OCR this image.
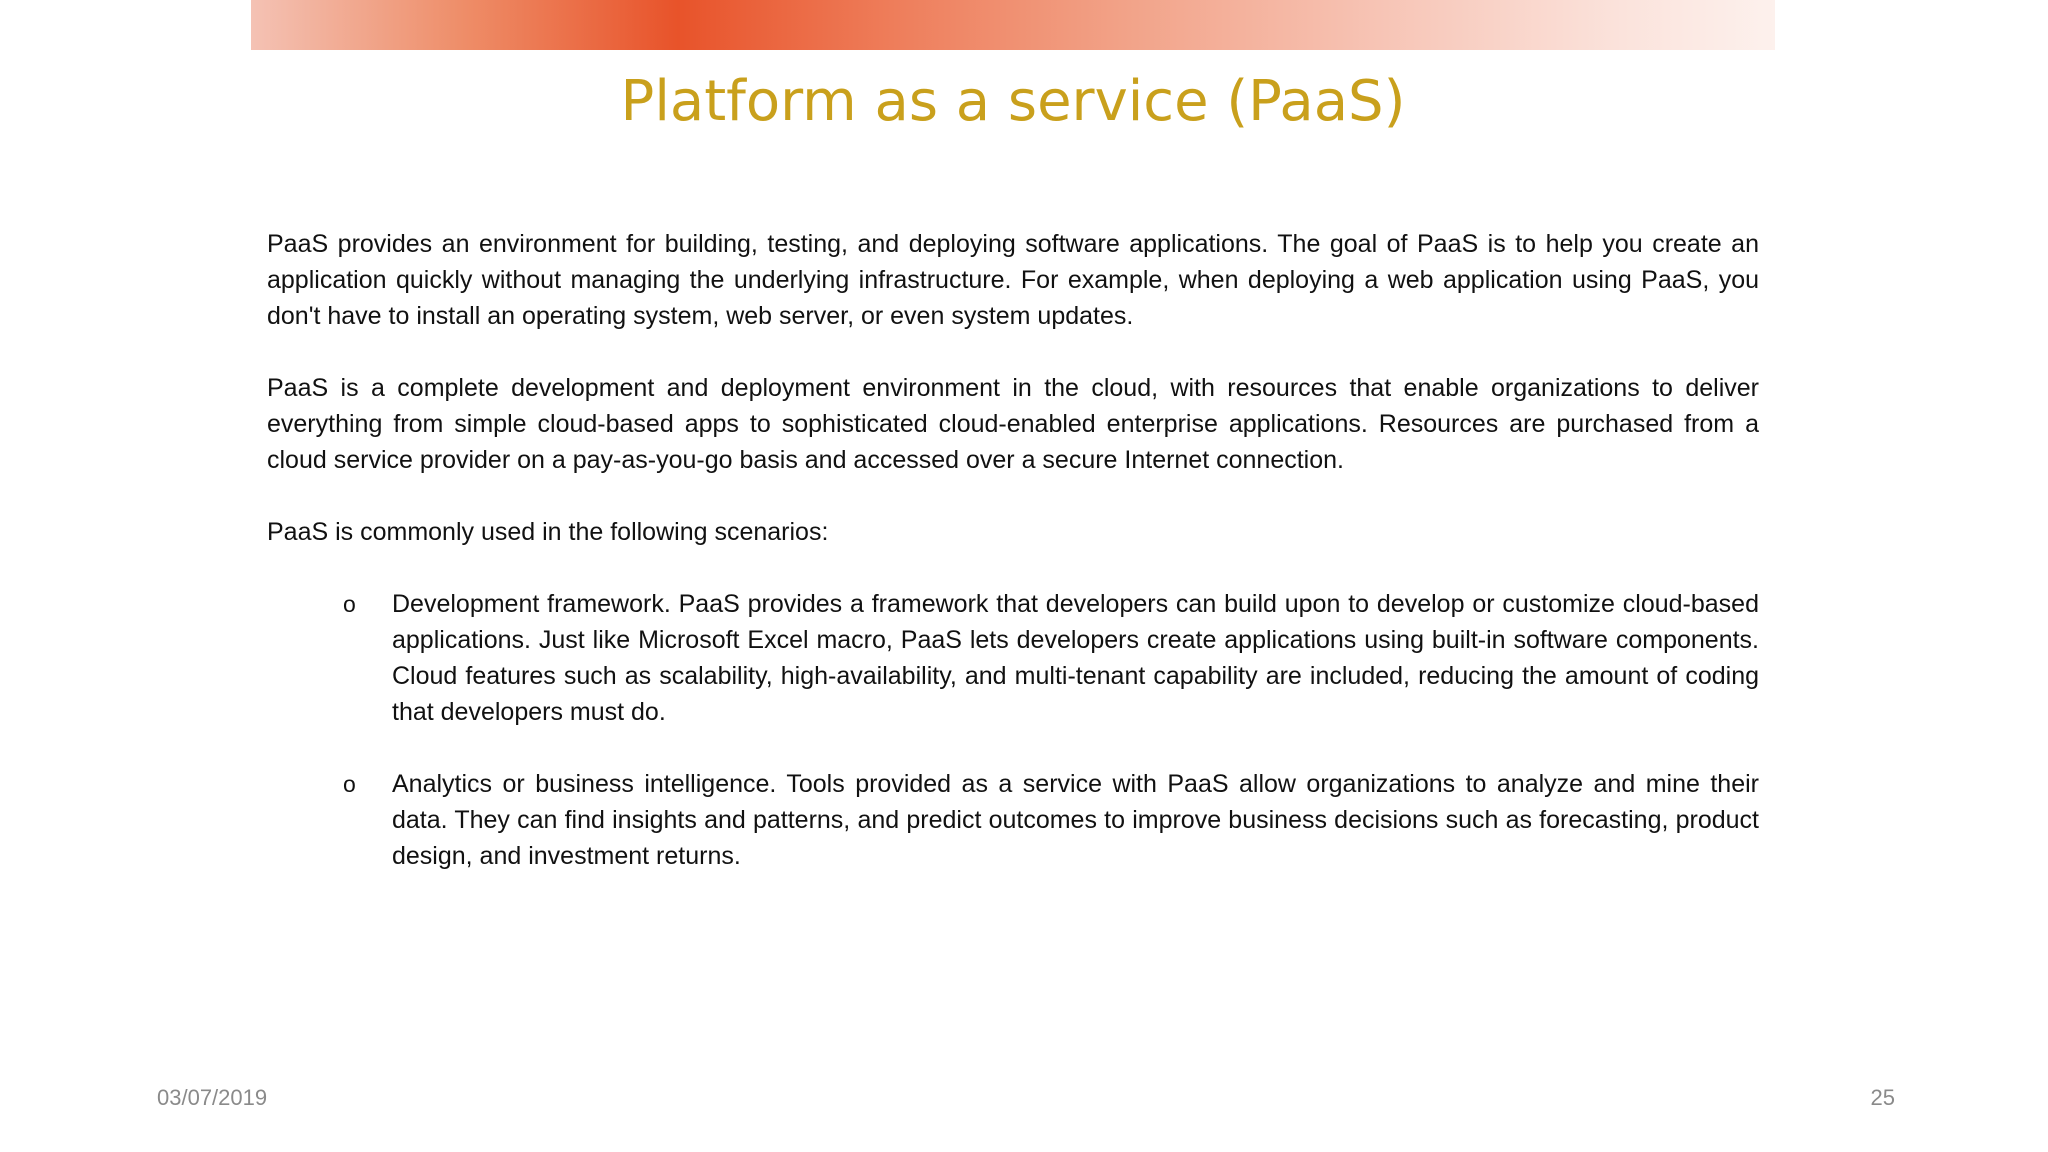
Platform as a service (PaaS)

PaaS provides an environment for building, testing, and deploying software applications. The goal of PaaS is to help you create an application quickly without managing the underlying infrastructure. For example, when deploying a web application using PaaS, you don't have to install an operating system, web server, or even system updates.

PaaS is a complete development and deployment environment in the cloud, with resources that enable organizations to deliver everything from simple cloud-based apps to sophisticated cloud-enabled enterprise applications. Resources are purchased from a cloud service provider on a pay-as-you-go basis and accessed over a secure Internet connection.

PaaS is commonly used in the following scenarios:

o Development framework. PaaS provides a framework that developers can build upon to develop or customize cloud-based applications. Just like Microsoft Excel macro, PaaS lets developers create applications using built-in software components. Cloud features such as scalability, high-availability, and multi-tenant capability are included, reducing the amount of coding that developers must do.
o Analytics or business intelligence. Tools provided as a service with PaaS allow organizations to analyze and mine their data. They can find insights and patterns, and predict outcomes to improve business decisions such as forecasting, product design, and investment returns.
03/07/2019	25
